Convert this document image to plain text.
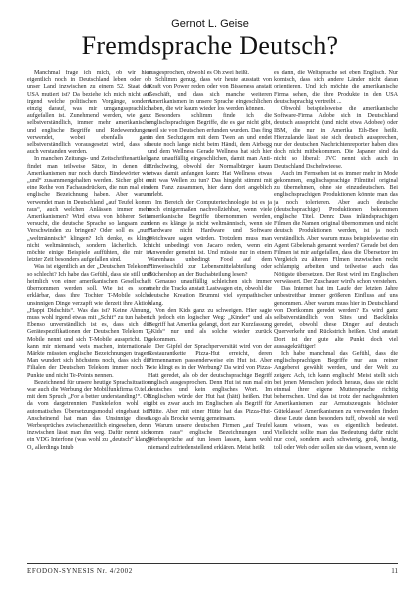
Gernot L. Geise
Fremdsprache Deutsch?

Manchmal frage ich mich, ob wir hier eigentlich noch in Deutschland leben oder ob unser Land inzwischen zu einem 52. Staat der USA mutiert ist? Da beziehe ich mich nicht auf irgend welche politischen Vorgänge, sondern einzig darauf, was mir umgangssprachlich aufgefallen ist. Zunehmend werden, wie ganz selbstverständlich, immer mehr amerikanische und englische Begriffe und Redewendungen verwendet, wobei ebenfalls ganz selbstverständlich vorausgesetzt wird, dass sie auch verstanden werden.

In manchen Zeitungs- und Zeitschriftenartikeln findet man teilweise Sätze, in denen die Amerikanismen nur noch durch Bindewörter wie „und“ zusammengehalten werden. Sicher gibt es eine Reihe von Fachausdrücken, die nun mal eine englische Bezeichnung haben. Aber warum verwendet man in Deutschland „auf Teufel komm raus“, auch welchen Anlässen immer mehr Amerikanismen? Wird etwa von höherer Seite versucht, die deutsche Sprache so langsam zum Verschwinden zu bringen? Oder soll es „nur“ „weltmännisch“ klingen? Ich denke, es klingt nicht weltmännisch, sondern lächerlich. Ich möchte einige Beispiele auffühten, die mir in letzter Zeit besonders aufgefallen sind.

Was ist eigentlich an der „Deutschen Telekom“ so schlecht? Ich habe das Gefühl, dass sie still und heimlich von einer amerikanischen Gesellschaft übernommen werden soll. Wie ist es sonst erklärbar, dass ihre Tochter T-Mobile solche unsinnigen Dinge verzapft wie derzeit ihre Aktion „Happi Didschits“. Was das ist? Keine Ahnung, muss wohl irgend etwas mit „Schit“ zu tun haben. Ebenso unverständlich ist es, dass sich die Gerätespezifikationen der Deutschen Telekom T-Mobile nennt und sich T-Mobile ausspricht. Da kann mir niemand weis machen, internationale Märkte müssten englische Bezeichnungen tragen. Man wundert sich höchstens noch, dass sich die Filialen der Deutschen Telekom immer noch T-Punkte und nicht Te-Points nennen.

Bezeichnend für unsere heutige Sprachsituation war auch die Werbung der Mobilfunkfirma O.tel.o mit dem Spruch „For a better understanding!“. Ob da vom dargetrennten Funktelefon wohl ein automatisches Übersetzungsmodul eingebaut ist? Anscheinend hat man das Unsinnige dieses Werbesprüches zwischenzeitlich eingesehen, denn inzwischen lässt man ihn weg. Dafür nennt sich ein VDG Interfone (was wohl zu „deutsch“ klang) O₂ allerdings Intub

ausgesprochen, obwohl es Oh zwei heißt.

Schlimm genug, dass wir heute ausstatt von Kraft von Power reden oder von Bisseness anstatt Geschäft, und dass sich manche weiteren Amerikanismen in unsere Sprache eingeschlichen haben, die wir kaum wieder los werden können.

Besonders schlimm finde ich die englischsprachigen Begriffe, die es gar nicht gibt, weil sie von Deutschen erfunden wurden. Das fing in den Sechzigern mit dem Twen an und endet heute noch lange nicht beim Händi, dem Airbegg und dem Wellness Gerade Wellness hat sich hier ganz unauffällig eingeschlichen, damit man Anti-Erdschwing, obwohl der Normalbürger kaum etwas damit anfangen kann: Hat Wellness etwas mit was Wellen zu tun? Das hingeht stimmt mit dem Fanz zusammen, hier dann dort angeblich erlebt.

Im Bereich der Computertechnologie ist es ja noch einigermaßen nachvollziehbar, wenn viele amerikanische Begriffe übernommen werden, denn es klänge ja nicht weltmännisch, wenn sie Hardware nicht Hardware und Software Weichware sagen würden. Trotzdem muss man nicht unbedingt von Jacaro reden, wenn ein Anwender gemeint ist. Und müsste nur in einem Warenhaus unbedingt Food auf dem Hinweisschild zur Lebensmittelabteilung oder Büchershop an der Buchabteilung lesen?

Genauso unauffällig schleichen sich immer mehr die Tracks anstatt Lastwagen ein, obwohl die deutsche Kreation Brummi viel sympathischer klang.

Von den Kids ganz zu schweigen. Hier sagte ich jedoch ein logischer Weg: „Kinder“ und als Begriff hat Amerika gelangt, dort zur Kurzfassung „Kids“ nur und als solche wieder zurück gekommen.

Der Gipfel der Sprachperversität wird von der Restaurantkette Pizza-Hut erreicht, deren Firmennamen passenderweise ein Hut ist. Aber wie klingt es in der Werbung? Da wird von Pizza-Hatt geredet, als ob der deutschsprachige Begriff englisch ausgesprochen. Denn Hut ist nun mal ein deutsches und kein englisches Wort. Im Englischen würde der Hut hat (hätt) heißen. Hut gibt es zwar auch im Englischen als Begriff für Hütte. Aber mit einer Hütte hat das Pizza-Hut-Logo als Brocke wenig gemeinsam.

Warum unsere deutschen Firmen „auf Teufel komm raus“ englische Bezeichnungen und Werbesprüche auf tun lesen lassen, kann wohl niemand zufriedenstellend erklären. Meist heißt

es dann, die Weltsprache sei eben Englisch. Nur komisch, dass sich andere Länder nicht daran orientieren. Und ich möchte die amerikanische Firma sehen, die ihre Produkte in den USA deutschsprachig vertreibt ...

Obwohl beispielsweise die amerikanische Software-Firma Adobe sich in Deutschland deutsch ausspricht (und nicht etwa Adobee) oder IBM, die nur in Amerika Eih-Bee heißt. Hierzulande lässt sie sich deutsch aussprechen, nur der deutschen Nachrichtenreporter haben dies doch nicht mitbekommen. Die Japaner sind da nicht so liberal: JVC nennt sich auch in Deutschland Dschehwieese.

Auch im Fernsehen ist es immer mehr in Mode gekommen, englischsprachige Filmtitel original zu übernehmen, ohne sie einzudeutschen. Bei englischsprachigen Produktionen könnte man das ja noch tolerieren. Aber auch deutsche (deutschsprachige) Produktionen bekommen englische Titel. Denn: Dass inländsprachigen Filmen die Namen original übernommen und nicht deutsch Produktionen werden, ist ja noch verständlich. Aber warum muss beispielsweise ein Agent Gibelenah genannt werden? Gerade bei den Filmen ist mir aufgefallen, dass die Übersetzer im Vergleich zu älteren Filmen inzwischen recht schlampig arbeiten und teilweise auch das Nötigste übersetzen. Der Rest wird im Englischen verwässert. Der Zuschauer wird's schon verstehen.

Das Internet hat im Laufe der letzten Jahre unbestreitbar immer größeren Einfluss auf uns genommen. Aber warum muss hier in Deutschland von Dortkomm geredet werden? Es wird ganz selbstverständlich von Sites und Backlinks geredet, obwohl diese Dinger auf deutsch Querverkehr und Rückstrich heißen. Und anstatt Dort ist der gute alte Punkt doch viel aussagekräftiger!

Ich habe manchmal das Gefühl, dass die englischsprachigen Begriffe nur aus reiner Angeberei gewählt werden, und der Welt zu zeigen: Ach, ich kann englisch! Meist stellt sich bei jenen Menschen jedoch heraus, dass sie nicht einmal ihrer eigene Muttersprache richtig beherrschen. Und das ist trotz der nachgeahmten Amerikanismen zur Armutszeugnis höchster Güteklasse! Amerikanismen zu verwenden finden diese Leute dann besonders tuff, obwohl sie weil kaum wissen, was es eigentlich bedeutet. Vielleicht sollte man das Bedeutung dafür nicht nur cool, sondern auch schwierig, groß, heutig, toll oder Weh oder sollen sie das wissen, wenn sie

EFODON-SYNESIS Nr. 4/2002	11
